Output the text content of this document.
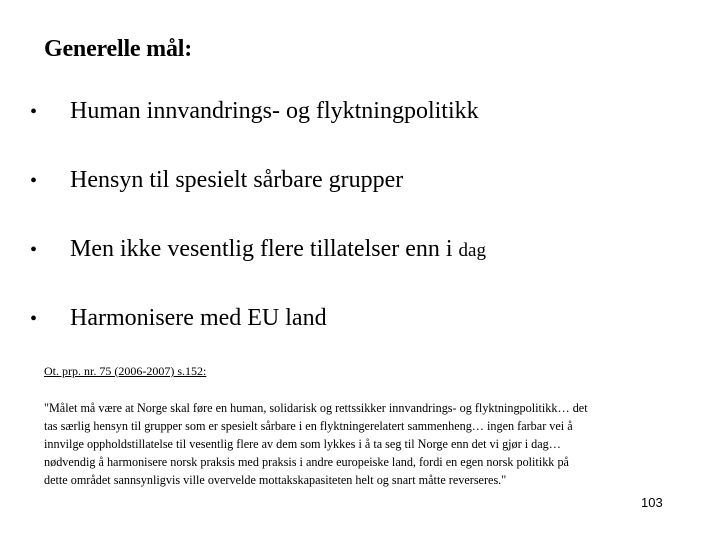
Generelle mål:
•
Human innvandrings- og flyktningpolitikk
•
Hensyn til spesielt sårbare grupper
•
Men ikke vesentlig flere tillatelser enn i dag
•
Harmonisere med EU land
Ot. prp. nr. 75 (2006-2007) s.152:
"Målet må være at Norge skal føre en human, solidarisk og rettssikker innvandrings- og flyktningpolitikk… det
tas særlig hensyn til grupper som er spesielt sårbare i en flyktningerelatert sammenheng… ingen farbar vei å
innvilge oppholdstillatelse til vesentlig flere av dem som lykkes i å ta seg til Norge enn det vi gjør i dag…
nødvendig å harmonisere norsk praksis med praksis i andre europeiske land, fordi en egen norsk politikk på
dette området sannsynligvis ville overvelde mottakskapasiteten helt og snart måtte reverseres."
103
